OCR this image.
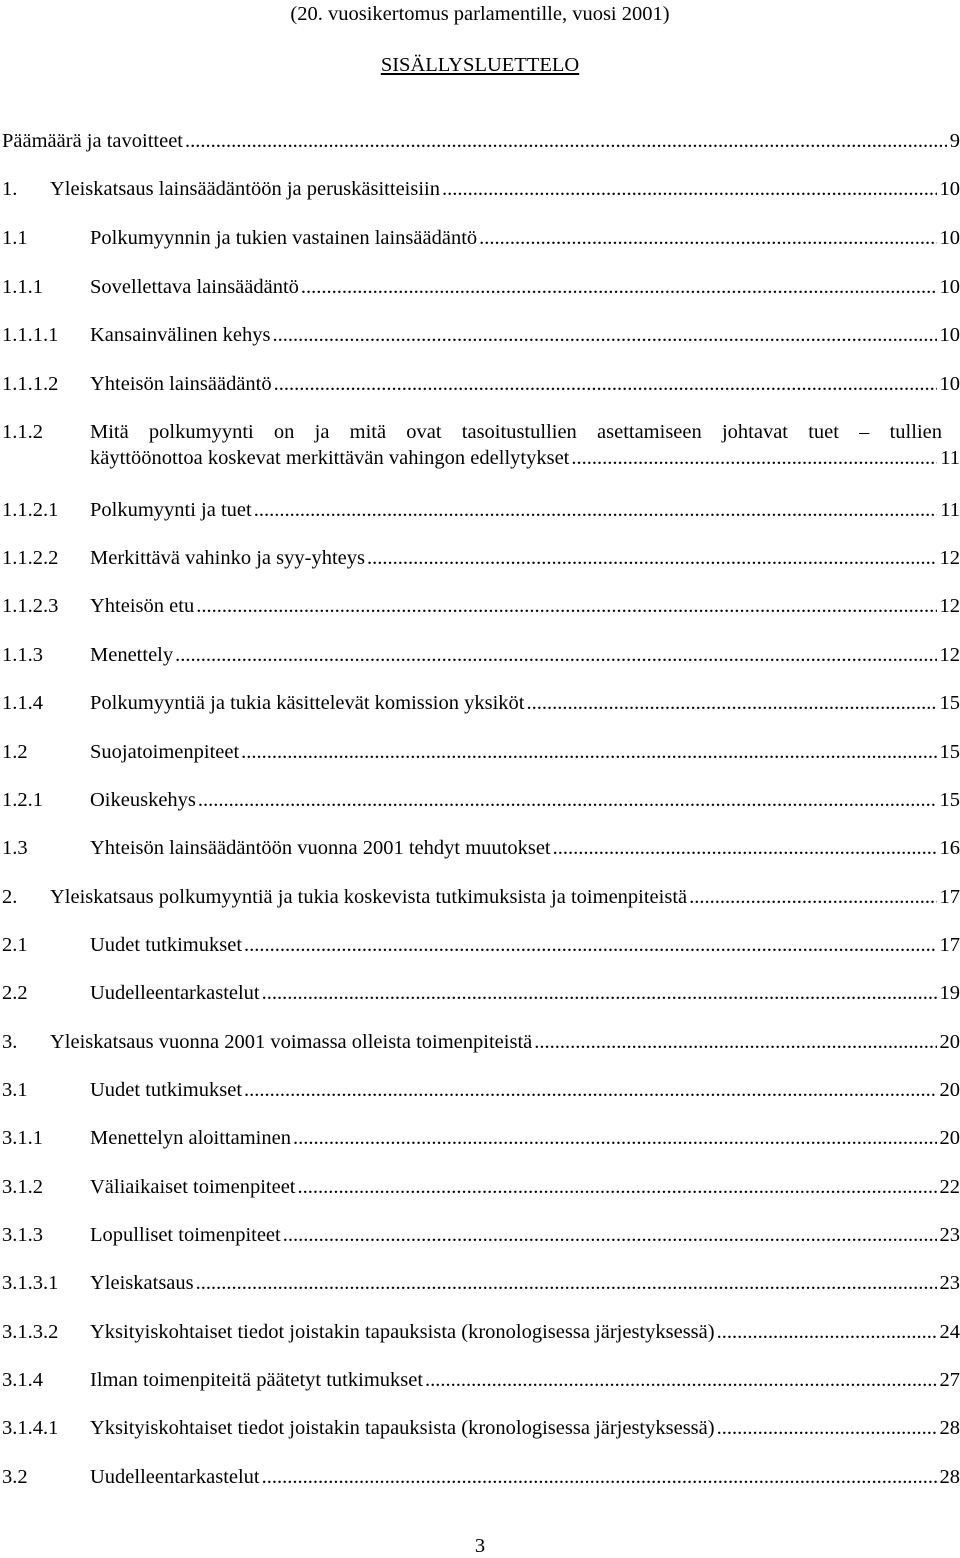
(20. vuosikertomus parlamentille, vuosi 2001)
SISÄLLYSLUETTELO
Päämäärä ja tavoitteet .....	9
1.	Yleiskatsaus lainsäädäntöön ja peruskäsitteisiin .....	10
1.1	Polkumyynnin ja tukien vastainen lainsäädäntö .....	10
1.1.1	Sovellettava lainsäädäntö .....	10
1.1.1.1	Kansainvälinen kehys .....	10
1.1.1.2	Yhteisön lainsäädäntö .....	10
1.1.2	Mitä polkumyynti on ja mitä ovat tasoitustullien asettamiseen johtavat tuet – tullien
käyttöönottoa koskevat merkittävän vahingon edellytykset .....	11
1.1.2.1	Polkumyynti ja tuet .....	11
1.1.2.2	Merkittävä vahinko ja syy-yhteys .....	12
1.1.2.3	Yhteisön etu .....	12
1.1.3	Menettely .....	12
1.1.4	Polkumyyntiä ja tukia käsittelevät komission yksiköt .....	15
1.2	Suojatoimenpiteet .....	15
1.2.1	Oikeuskehys .....	15
1.3	Yhteisön lainsäädäntöön vuonna 2001 tehdyt muutokset .....	16
2.	Yleiskatsaus polkumyyntiä ja tukia koskevista tutkimuksista ja toimenpiteistä .....	17
2.1	Uudet tutkimukset .....	17
2.2	Uudelleentarkastelut .....	19
3.	Yleiskatsaus vuonna 2001 voimassa olleista toimenpiteistä .....	20
3.1	Uudet tutkimukset .....	20
3.1.1	Menettelyn aloittaminen .....	20
3.1.2	Väliaikaiset toimenpiteet .....	22
3.1.3	Lopulliset toimenpiteet .....	23
3.1.3.1	Yleiskatsaus .....	23
3.1.3.2	Yksityiskohtaiset tiedot joistakin tapauksista (kronologisessa järjestyksessä) .....	24
3.1.4	Ilman toimenpiteitä päätetyt tutkimukset .....	27
3.1.4.1	Yksityiskohtaiset tiedot joistakin tapauksista (kronologisessa järjestyksessä) .....	28
3.2	Uudelleentarkastelut .....	28
3
